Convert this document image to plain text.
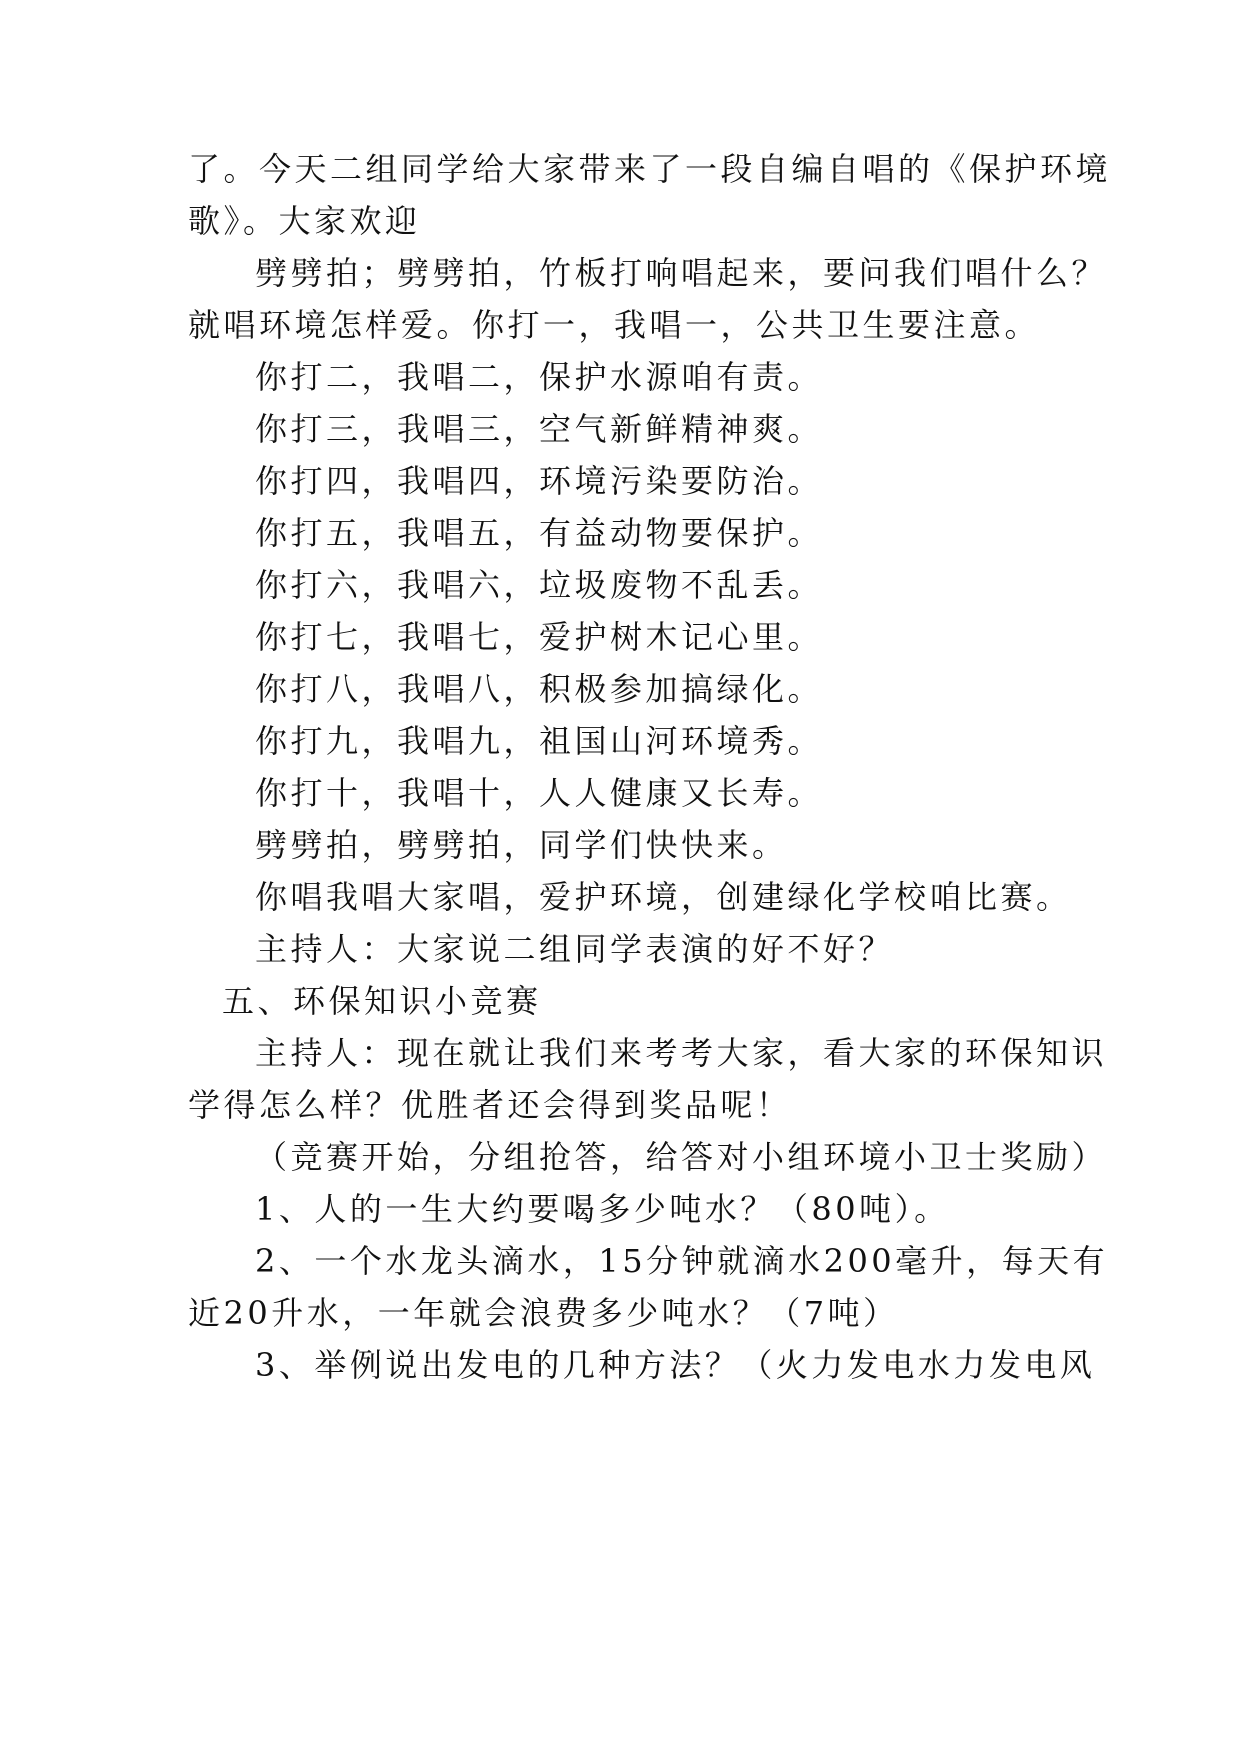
了。今天二组同学给大家带来了一段自编自唱的《保护环境
歌》。大家欢迎
劈劈拍；劈劈拍，竹板打响唱起来，要问我们唱什么？
就唱环境怎样爱。你打一，我唱一，公共卫生要注意。
你打二，我唱二，保护水源咱有责。
你打三，我唱三，空气新鲜精神爽。
你打四，我唱四，环境污染要防治。
你打五，我唱五，有益动物要保护。
你打六，我唱六，垃圾废物不乱丢。
你打七，我唱七，爱护树木记心里。
你打八，我唱八，积极参加搞绿化。
你打九，我唱九，祖国山河环境秀。
你打十，我唱十，人人健康又长寿。
劈劈拍，劈劈拍，同学们快快来。
你唱我唱大家唱，爱护环境，创建绿化学校咱比赛。
主持人：大家说二组同学表演的好不好？
五、环保知识小竞赛
主持人：现在就让我们来考考大家，看大家的环保知识
学得怎么样？优胜者还会得到奖品呢！
（竞赛开始，分组抢答，给答对小组环境小卫士奖励）
1、人的一生大约要喝多少吨水？（80吨）。
2、一个水龙头滴水，15分钟就滴水200毫升，每天有
近20升水，一年就会浪费多少吨水？（7吨）
3、举例说出发电的几种方法？（火力发电水力发电风
